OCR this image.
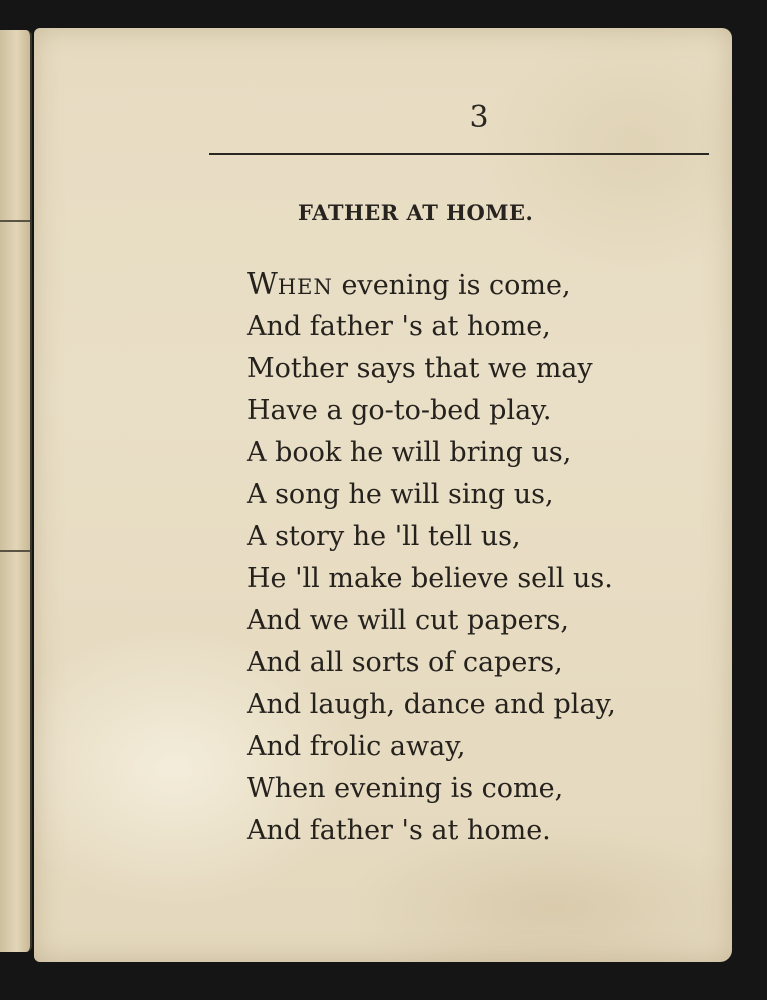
3
FATHER AT HOME.
WHEN evening is come,
And father 's at home,
Mother says that we may
Have a go-to-bed play.
A book he will bring us,
A song he will sing us,
A story he 'll tell us,
He 'll make believe sell us.
And we will cut papers,
And all sorts of capers,
And laugh, dance and play,
And frolic away,
When evening is come,
And father 's at home.
